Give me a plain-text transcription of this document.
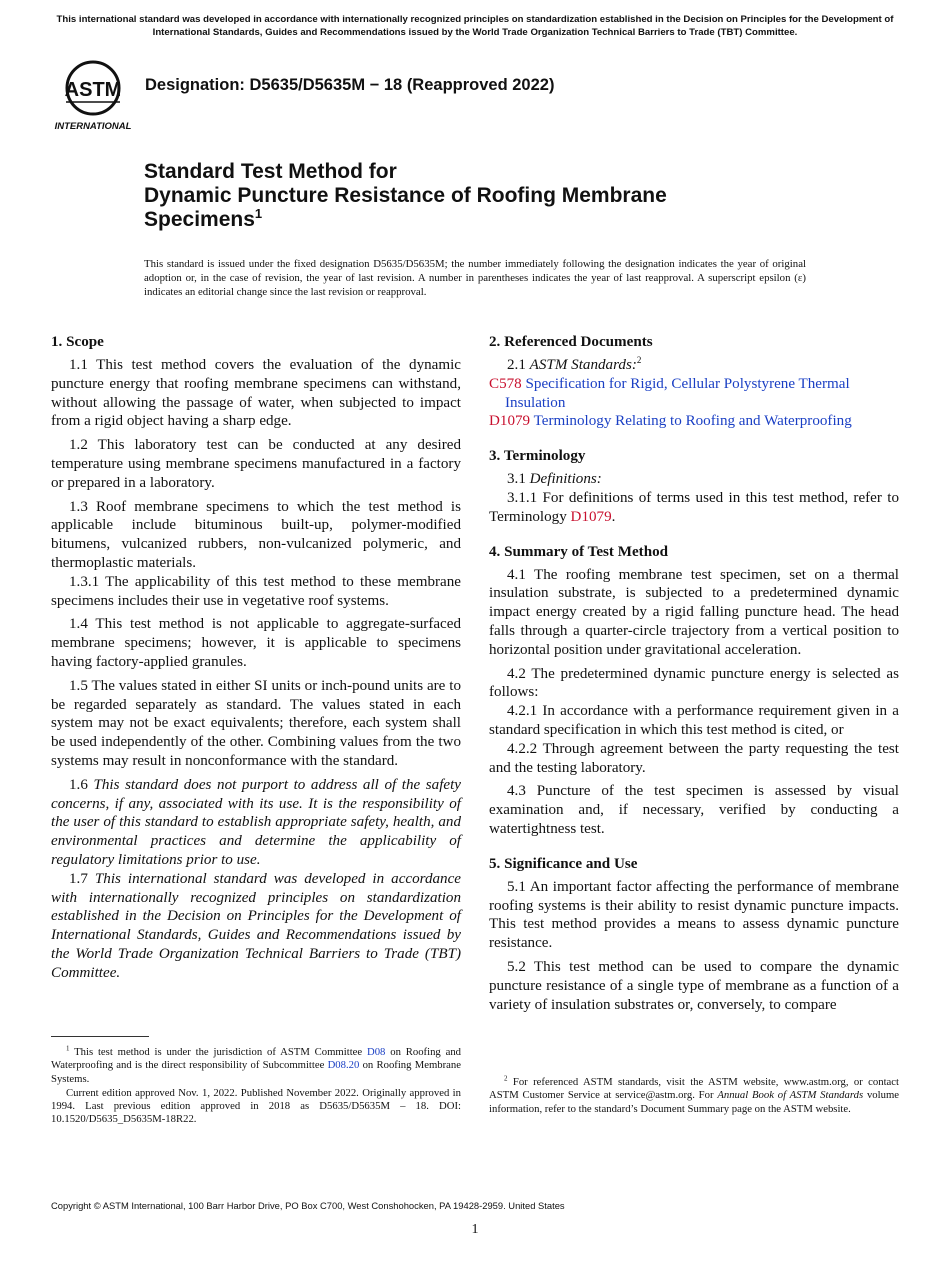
This international standard was developed in accordance with internationally recognized principles on standardization established in the Decision on Principles for the Development of International Standards, Guides and Recommendations issued by the World Trade Organization Technical Barriers to Trade (TBT) Committee.
ASTM
INTERNATIONAL
Designation: D5635/D5635M − 18 (Reapproved 2022)
Standard Test Method for
Dynamic Puncture Resistance of Roofing Membrane
Specimens$^1$
This standard is issued under the fixed designation D5635/D5635M; the number immediately following the designation indicates the year of original adoption or, in the case of revision, the year of last revision. A number in parentheses indicates the year of last reapproval. A superscript epsilon (ε) indicates an editorial change since the last revision or reapproval.
1. Scope

1.1 This test method covers the evaluation of the dynamic puncture energy that roofing membrane specimens can withstand, without allowing the passage of water, when subjected to impact from a rigid object having a sharp edge.

1.2 This laboratory test can be conducted at any desired temperature using membrane specimens manufactured in a factory or prepared in a laboratory.

1.3 Roof membrane specimens to which the test method is applicable include bituminous built-up, polymer-modified bitumens, vulcanized rubbers, non-vulcanized polymeric, and thermoplastic materials.

1.3.1 The applicability of this test method to these membrane specimens includes their use in vegetative roof systems.

1.4 This test method is not applicable to aggregate-surfaced membrane specimens; however, it is applicable to specimens having factory-applied granules.

1.5 The values stated in either SI units or inch-pound units are to be regarded separately as standard. The values stated in each system may not be exact equivalents; therefore, each system shall be used independently of the other. Combining values from the two systems may result in nonconformance with the standard.

1.6 This standard does not purport to address all of the safety concerns, if any, associated with its use. It is the responsibility of the user of this standard to establish appropriate safety, health, and environmental practices and determine the applicability of regulatory limitations prior to use.

1.7 This international standard was developed in accordance with internationally recognized principles on standardization established in the Decision on Principles for the Development of International Standards, Guides and Recommendations issued by the World Trade Organization Technical Barriers to Trade (TBT) Committee.

2. Referenced Documents

2.1 ASTM Standards:$^2$

C578 Specification for Rigid, Cellular Polystyrene Thermal Insulation

D1079 Terminology Relating to Roofing and Waterproofing

3. Terminology

3.1 Definitions:

3.1.1 For definitions of terms used in this test method, refer to Terminology D1079.

4. Summary of Test Method

4.1 The roofing membrane test specimen, set on a thermal insulation substrate, is subjected to a predetermined dynamic impact energy created by a rigid falling puncture head. The head falls through a quarter-circle trajectory from a vertical position to horizontal position under gravitational acceleration.

4.2 The predetermined dynamic puncture energy is selected as follows:

4.2.1 In accordance with a performance requirement given in a standard specification in which this test method is cited, or

4.2.2 Through agreement between the party requesting the test and the testing laboratory.

4.3 Puncture of the test specimen is assessed by visual examination and, if necessary, verified by conducting a watertightness test.

5. Significance and Use

5.1 An important factor affecting the performance of membrane roofing systems is their ability to resist dynamic puncture impacts. This test method provides a means to assess dynamic puncture resistance.

5.2 This test method can be used to compare the dynamic puncture resistance of a single type of membrane as a function of a variety of insulation substrates or, conversely, to compare

$^1$ This test method is under the jurisdiction of ASTM Committee D08 on Roofing and Waterproofing and is the direct responsibility of Subcommittee D08.20 on Roofing Membrane Systems.

Current edition approved Nov. 1, 2022. Published November 2022. Originally approved in 1994. Last previous edition approved in 2018 as D5635/D5635M – 18. DOI: 10.1520/D5635_D5635M-18R22.

$^2$ For referenced ASTM standards, visit the ASTM website, www.astm.org, or contact ASTM Customer Service at service@astm.org. For Annual Book of ASTM Standards volume information, refer to the standard’s Document Summary page on the ASTM website.

Copyright © ASTM International, 100 Barr Harbor Drive, PO Box C700, West Conshohocken, PA 19428-2959. United States
1
